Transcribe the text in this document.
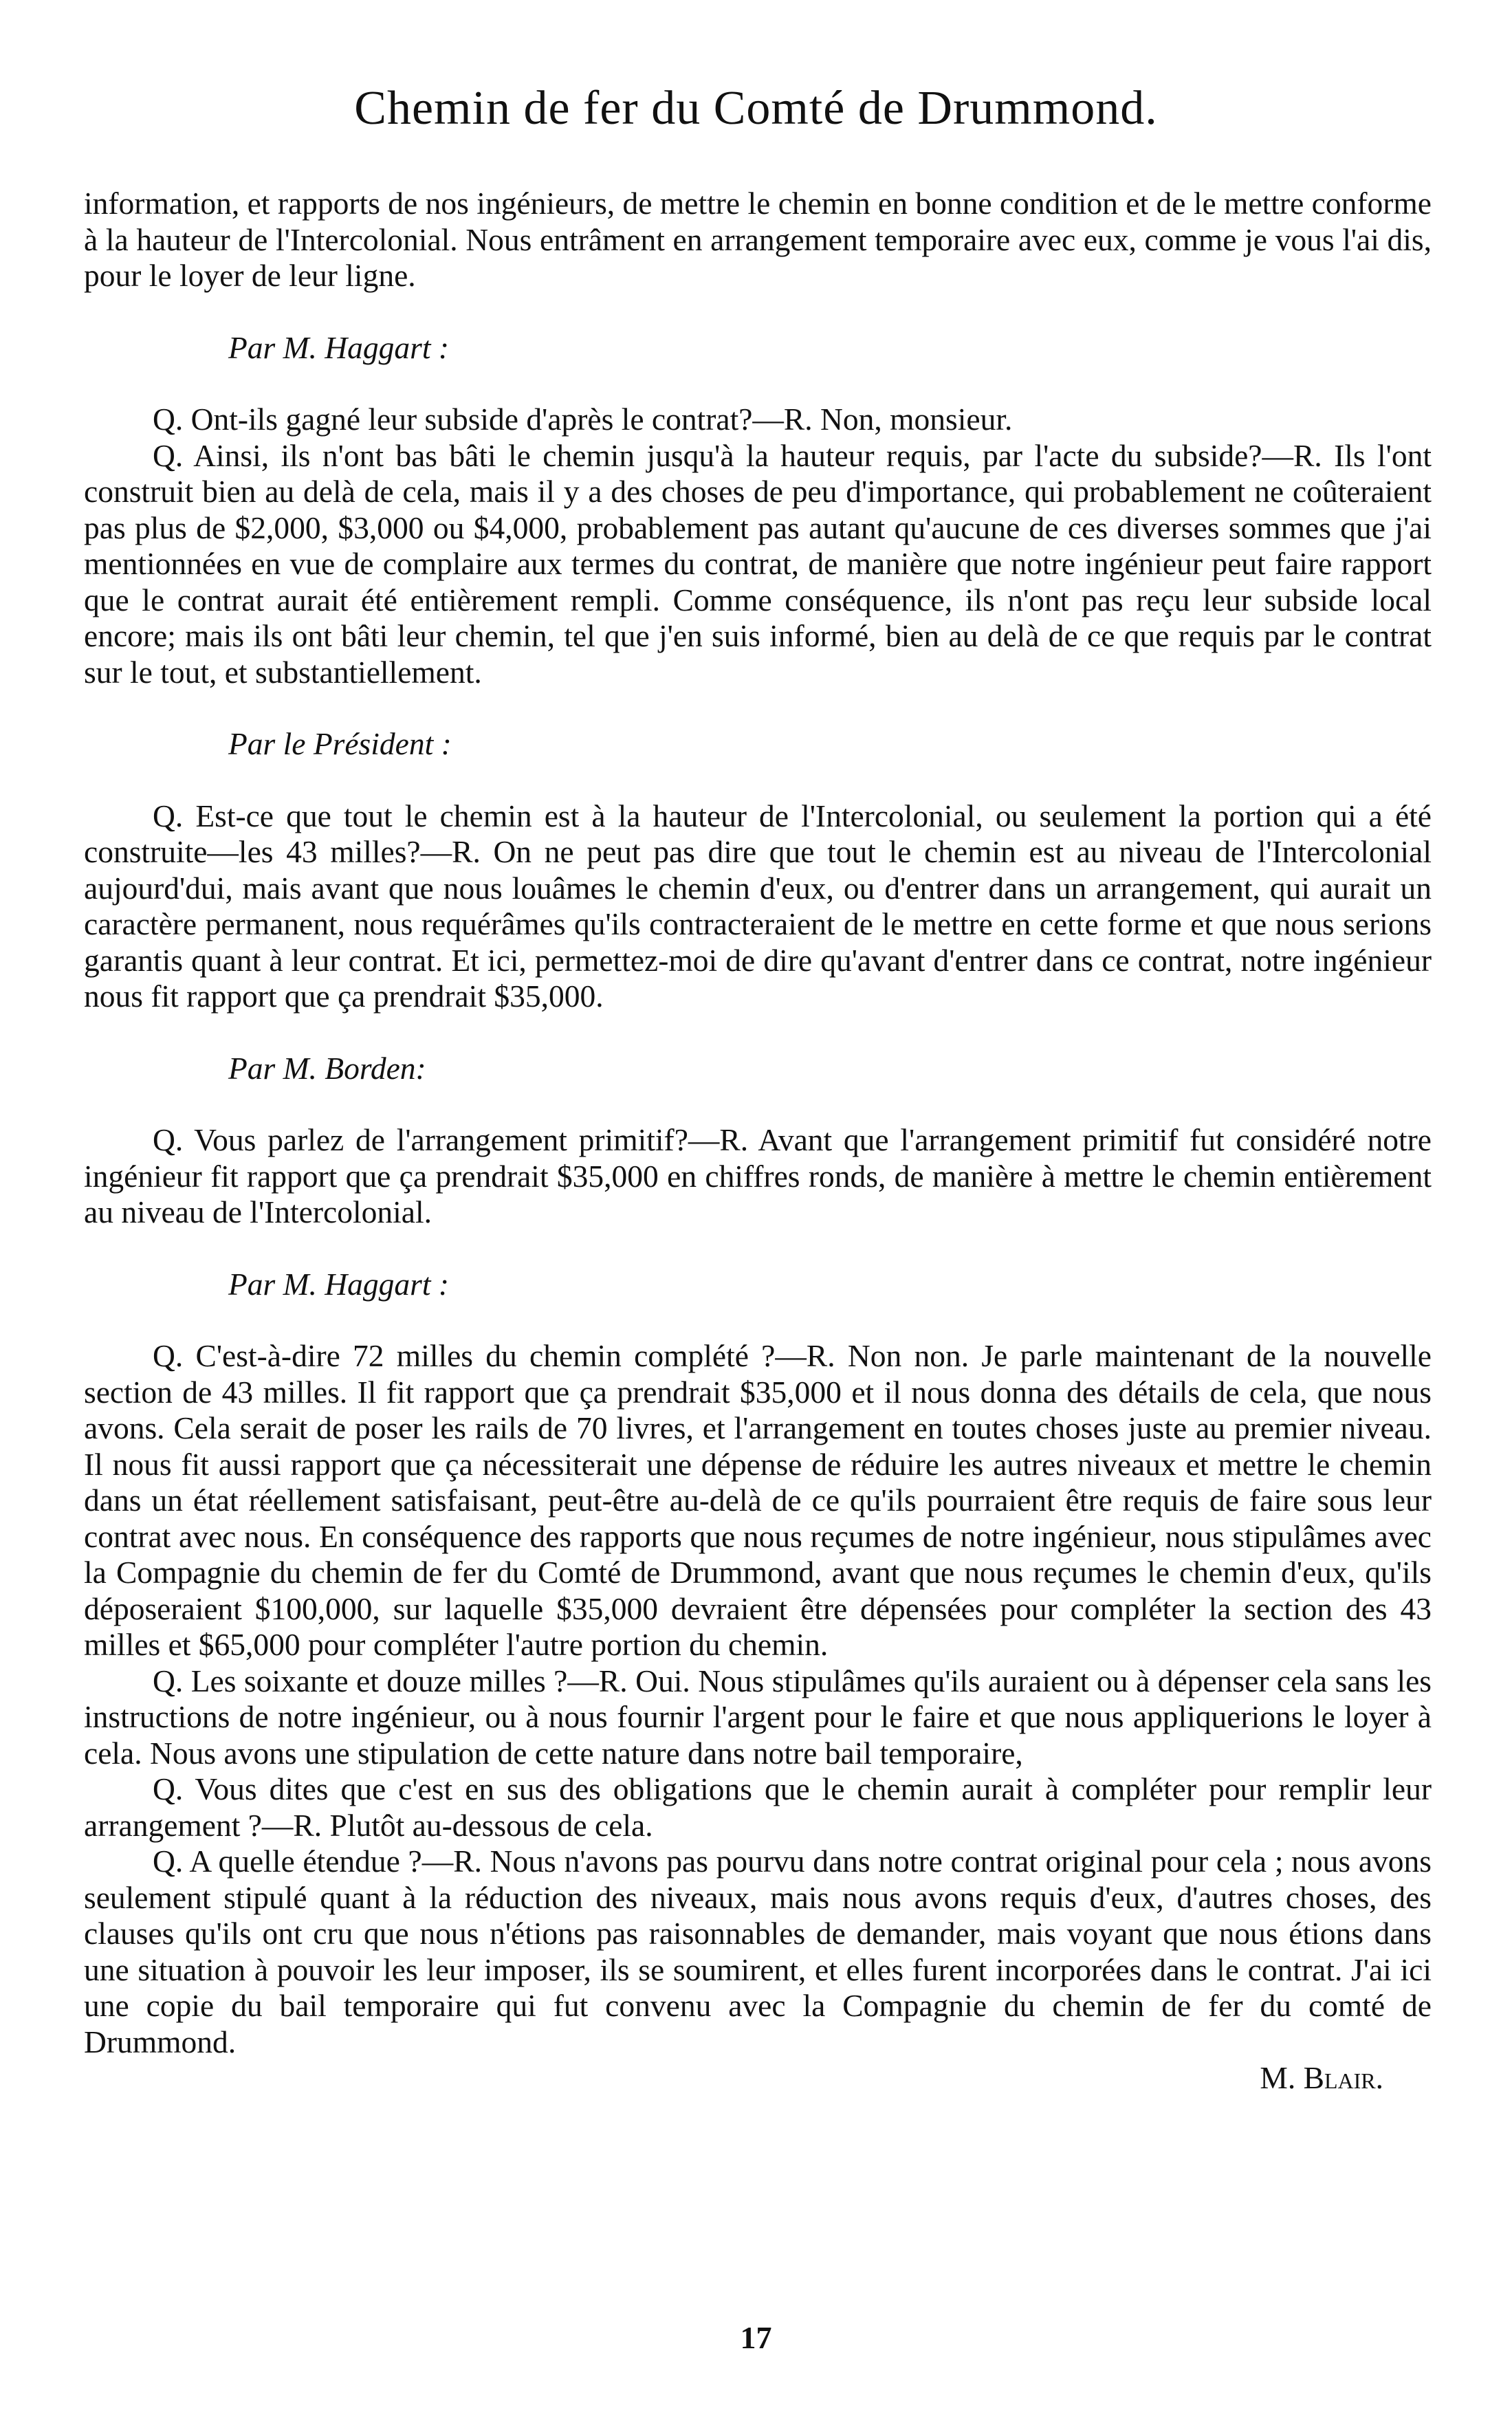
Chemin de fer du Comté de Drummond.

information, et rapports de nos ingénieurs, de mettre le chemin en bonne condition et de le mettre conforme à la hauteur de l'Intercolonial. Nous entrâment en arrangement temporaire avec eux, comme je vous l'ai dis, pour le loyer de leur ligne.

Par M. Haggart :

Q. Ont-ils gagné leur subside d'après le contrat?—R. Non, monsieur.

Q. Ainsi, ils n'ont bas bâti le chemin jusqu'à la hauteur requis, par l'acte du subside?—R. Ils l'ont construit bien au delà de cela, mais il y a des choses de peu d'importance, qui probablement ne coûteraient pas plus de $2,000, $3,000 ou $4,000, probablement pas autant qu'aucune de ces diverses sommes que j'ai mentionnées en vue de complaire aux termes du contrat, de manière que notre ingénieur peut faire rapport que le contrat aurait été entièrement rempli. Comme conséquence, ils n'ont pas reçu leur subside local encore; mais ils ont bâti leur chemin, tel que j'en suis informé, bien au delà de ce que requis par le contrat sur le tout, et substantiellement.

Par le Président :

Q. Est-ce que tout le chemin est à la hauteur de l'Intercolonial, ou seulement la portion qui a été construite—les 43 milles?—R. On ne peut pas dire que tout le chemin est au niveau de l'Intercolonial aujourd'dui, mais avant que nous louâmes le chemin d'eux, ou d'entrer dans un arrangement, qui aurait un caractère permanent, nous requérâmes qu'ils contracteraient de le mettre en cette forme et que nous serions garantis quant à leur contrat. Et ici, permettez-moi de dire qu'avant d'entrer dans ce contrat, notre ingénieur nous fit rapport que ça prendrait $35,000.

Par M. Borden:

Q. Vous parlez de l'arrangement primitif?—R. Avant que l'arrangement primitif fut considéré notre ingénieur fit rapport que ça prendrait $35,000 en chiffres ronds, de manière à mettre le chemin entièrement au niveau de l'Intercolonial.

Par M. Haggart :

Q. C'est-à-dire 72 milles du chemin complété ?—R. Non non. Je parle maintenant de la nouvelle section de 43 milles. Il fit rapport que ça prendrait $35,000 et il nous donna des détails de cela, que nous avons. Cela serait de poser les rails de 70 livres, et l'arrangement en toutes choses juste au premier niveau. Il nous fit aussi rapport que ça nécessiterait une dépense de réduire les autres niveaux et mettre le chemin dans un état réellement satisfaisant, peut-être au-delà de ce qu'ils pourraient être requis de faire sous leur contrat avec nous. En conséquence des rapports que nous reçumes de notre ingénieur, nous stipulâmes avec la Compagnie du chemin de fer du Comté de Drummond, avant que nous reçumes le chemin d'eux, qu'ils déposeraient $100,000, sur laquelle $35,000 devraient être dépensées pour compléter la section des 43 milles et $65,000 pour compléter l'autre portion du chemin.

Q. Les soixante et douze milles ?—R. Oui. Nous stipulâmes qu'ils auraient ou à dépenser cela sans les instructions de notre ingénieur, ou à nous fournir l'argent pour le faire et que nous appliquerions le loyer à cela. Nous avons une stipulation de cette nature dans notre bail temporaire,

Q. Vous dites que c'est en sus des obligations que le chemin aurait à compléter pour remplir leur arrangement ?—R. Plutôt au-dessous de cela.

Q. A quelle étendue ?—R. Nous n'avons pas pourvu dans notre contrat original pour cela ; nous avons seulement stipulé quant à la réduction des niveaux, mais nous avons requis d'eux, d'autres choses, des clauses qu'ils ont cru que nous n'étions pas raisonnables de demander, mais voyant que nous étions dans une situation à pouvoir les leur imposer, ils se soumirent, et elles furent incorporées dans le contrat. J'ai ici une copie du bail temporaire qui fut convenu avec la Compagnie du chemin de fer du comté de Drummond.

M. Blair.

17
